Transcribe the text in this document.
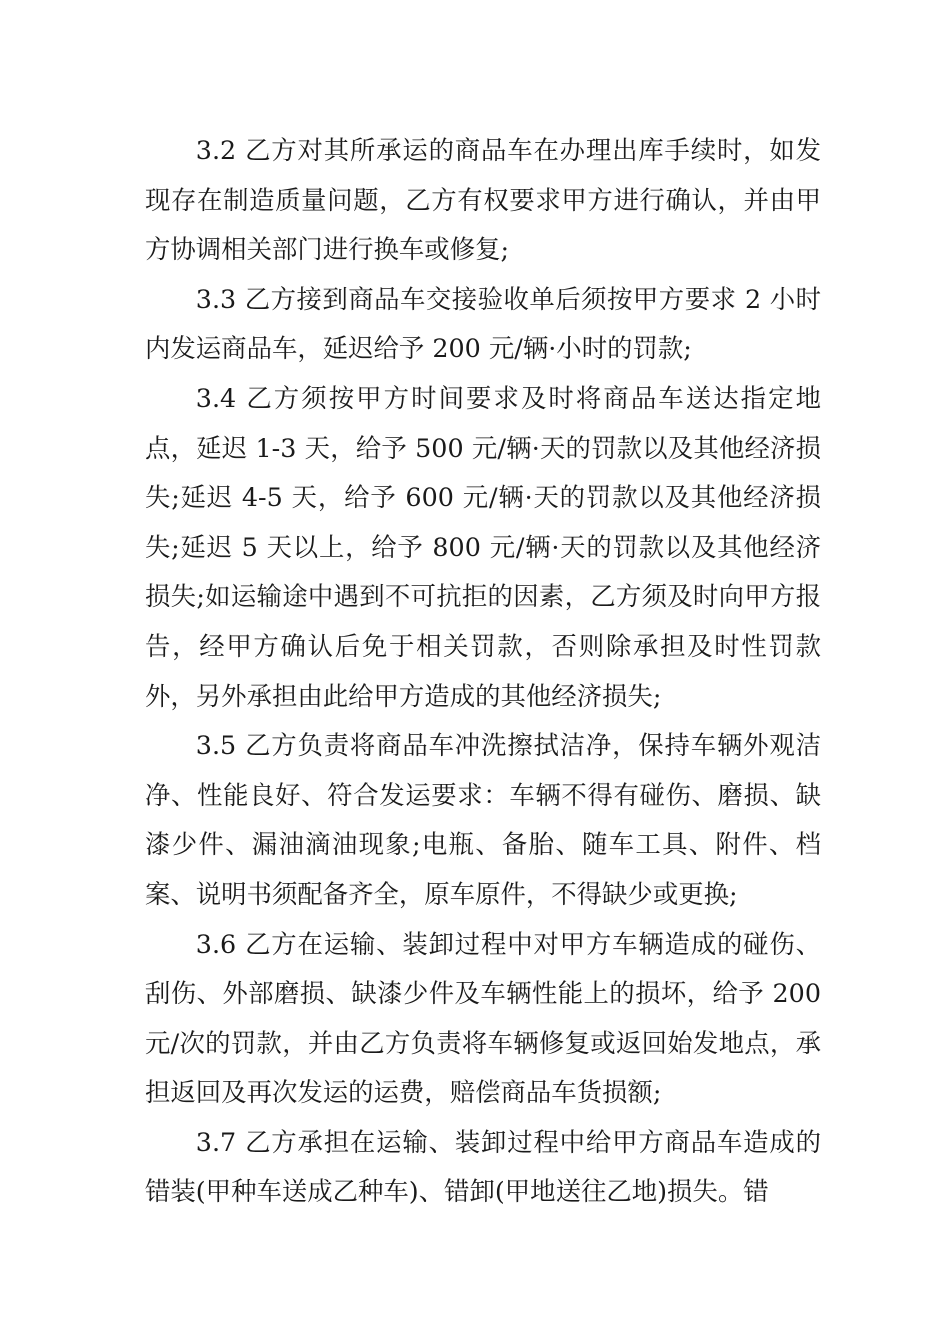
3.2 乙方对其所承运的商品车在办理出库手续时，如发现存在制造质量问题，乙方有权要求甲方进行确认，并由甲方协调相关部门进行换车或修复;

3.3 乙方接到商品车交接验收单后须按甲方要求 2 小时内发运商品车，延迟给予 200 元/辆·小时的罚款;

3.4 乙方须按甲方时间要求及时将商品车送达指定地点，延迟 1-3 天，给予 500 元/辆·天的罚款以及其他经济损失;延迟 4-5 天，给予 600 元/辆·天的罚款以及其他经济损失;延迟 5 天以上，给予 800 元/辆·天的罚款以及其他经济损失;如运输途中遇到不可抗拒的因素，乙方须及时向甲方报告，经甲方确认后免于相关罚款，否则除承担及时性罚款外，另外承担由此给甲方造成的其他经济损失;

3.5 乙方负责将商品车冲洗擦拭洁净，保持车辆外观洁净、性能良好、符合发运要求：车辆不得有碰伤、磨损、缺漆少件、漏油滴油现象;电瓶、备胎、随车工具、附件、档案、说明书须配备齐全，原车原件，不得缺少或更换;

3.6 乙方在运输、装卸过程中对甲方车辆造成的碰伤、刮伤、外部磨损、缺漆少件及车辆性能上的损坏，给予 200 元/次的罚款，并由乙方负责将车辆修复或返回始发地点，承担返回及再次发运的运费，赔偿商品车货损额;

3.7 乙方承担在运输、装卸过程中给甲方商品车造成的错装(甲种车送成乙种车)、错卸(甲地送往乙地)损失。错
